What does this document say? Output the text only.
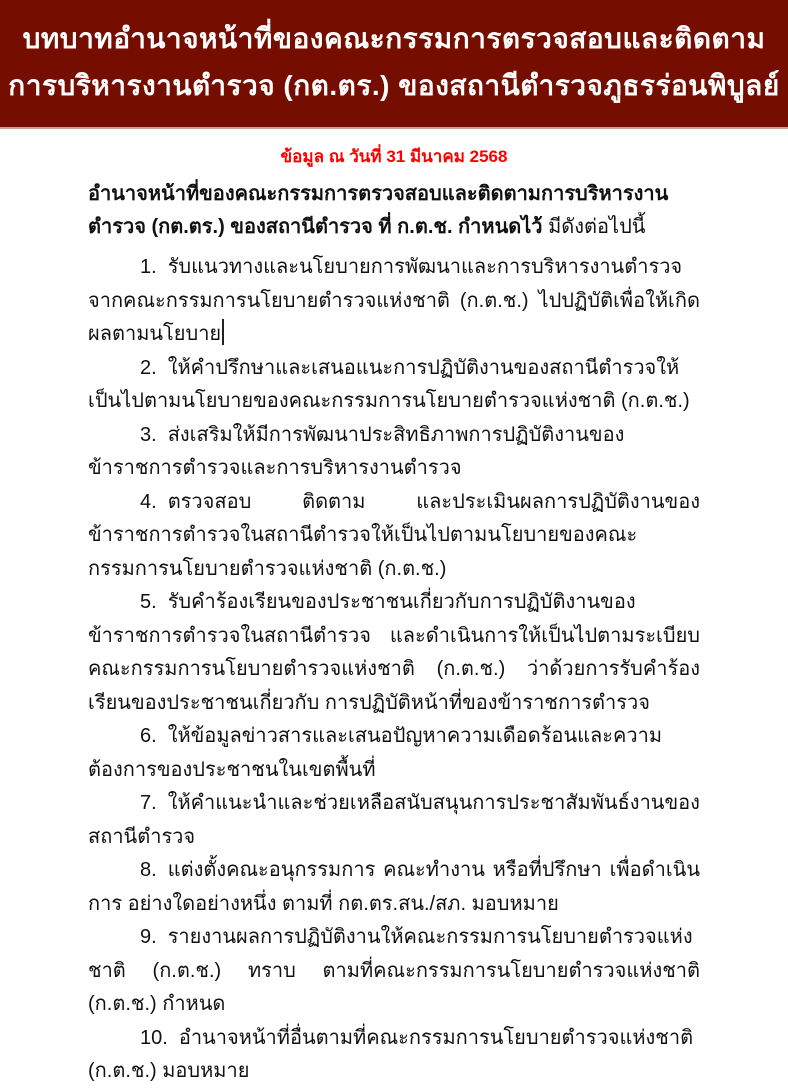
บทบาทอำนาจหน้าที่ของคณะกรรมการตรวจสอบและติดตาม
การบริหารงานตำรวจ (กต.ตร.) ของสถานีตำรวจภูธรร่อนพิบูลย์

ข้อมูล ณ วันที่ 31 มีนาคม 2568

อำนาจหน้าที่ของคณะกรรมการตรวจสอบและติดตามการบริหารงานตำรวจ (กต.ตร.) ของสถานีตำรวจ ที่ ก.ต.ช. กำหนดไว้ มีดังต่อไปนี้

1. รับแนวทางและนโยบายการพัฒนาและการบริหารงานตำรวจจากคณะกรรมการนโยบายตำรวจแห่งชาติ (ก.ต.ช.) ไปปฏิบัติเพื่อให้เกิดผลตามนโยบาย

2. ให้คำปรึกษาและเสนอแนะการปฏิบัติงานของสถานีตำรวจให้เป็นไปตามนโยบายของคณะกรรมการนโยบายตำรวจแห่งชาติ (ก.ต.ช.)

3. ส่งเสริมให้มีการพัฒนาประสิทธิภาพการปฏิบัติงานของข้าราชการตำรวจและการบริหารงานตำรวจ

4. ตรวจสอบ ติดตาม และประเมินผลการปฏิบัติงานของข้าราชการตำรวจในสถานีตำรวจให้เป็นไปตามนโยบายของคณะกรรมการนโยบายตำรวจแห่งชาติ (ก.ต.ช.)

5. รับคำร้องเรียนของประชาชนเกี่ยวกับการปฏิบัติงานของข้าราชการตำรวจในสถานีตำรวจ และดำเนินการให้เป็นไปตามระเบียบคณะกรรมการนโยบายตำรวจแห่งชาติ (ก.ต.ช.) ว่าด้วยการรับคำร้องเรียนของประชาชนเกี่ยวกับ การปฏิบัติหน้าที่ของข้าราชการตำรวจ

6. ให้ข้อมูลข่าวสารและเสนอปัญหาความเดือดร้อนและความต้องการของประชาชนในเขตพื้นที่

7. ให้คำแนะนำและช่วยเหลือสนับสนุนการประชาสัมพันธ์งานของ สถานีตำรวจ

8. แต่งตั้งคณะอนุกรรมการ คณะทำงาน หรือที่ปรึกษา เพื่อดำเนินการ อย่างใดอย่างหนึ่ง ตามที่ กต.ตร.สน./สภ. มอบหมาย

9. รายงานผลการปฏิบัติงานให้คณะกรรมการนโยบายตำรวจแห่งชาติ (ก.ต.ช.) ทราบ ตามที่คณะกรรมการนโยบายตำรวจแห่งชาติ (ก.ต.ช.) กำหนด

10. อำนาจหน้าที่อื่นตามที่คณะกรรมการนโยบายตำรวจแห่งชาติ (ก.ต.ช.) มอบหมาย
